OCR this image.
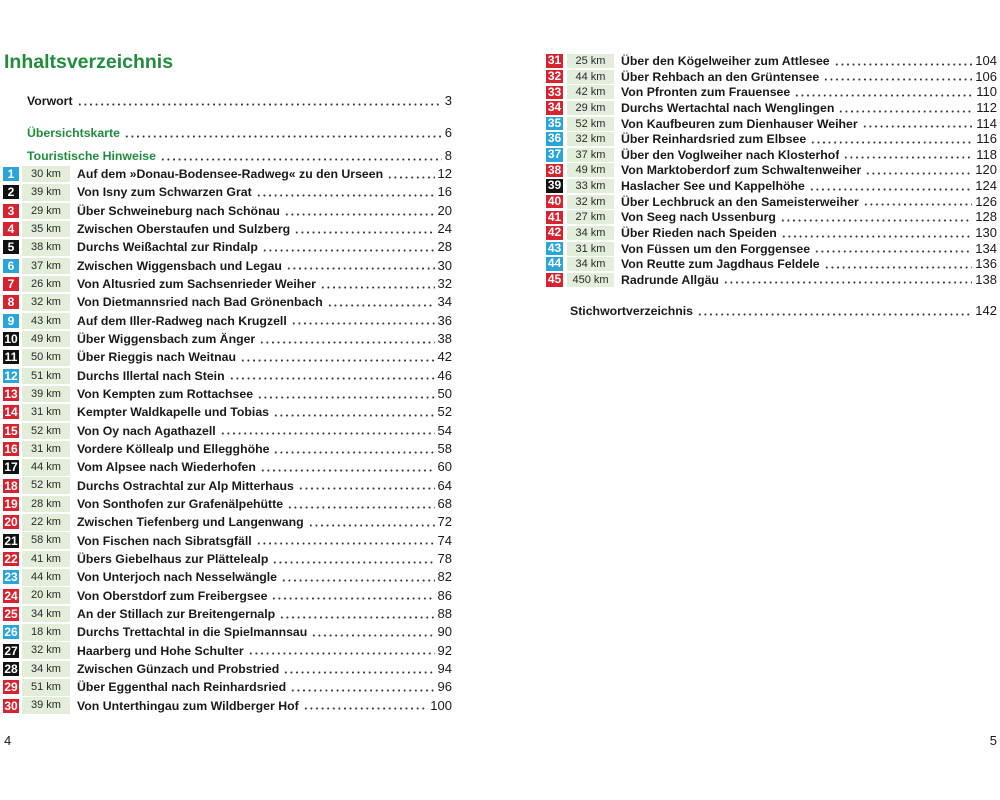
Inhaltsverzeichnis
Vorwort	3
Übersichtskarte	6
Touristische Hinweise	8
1	30 km	Auf dem »Donau-Bodensee-Radweg« zu den Urseen	12
2	39 km	Von Isny zum Schwarzen Grat	16
3	29 km	Über Schweineburg nach Schönau	20
4	35 km	Zwischen Oberstaufen und Sulzberg	24
5	38 km	Durchs Weißachtal zur Rindalp	28
6	37 km	Zwischen Wiggensbach und Legau	30
7	26 km	Von Altusried zum Sachsenrieder Weiher	32
8	32 km	Von Dietmannsried nach Bad Grönenbach	34
9	43 km	Auf dem Iller-Radweg nach Krugzell	36
10	49 km	Über Wiggensbach zum Änger	38
11	50 km	Über Rieggis nach Weitnau	42
12	51 km	Durchs Illertal nach Stein	46
13	39 km	Von Kempten zum Rottachsee	50
14	31 km	Kempter Waldkapelle und Tobias	52
15	52 km	Von Oy nach Agathazell	54
16	31 km	Vordere Köllealp und Ellegghöhe	58
17	44 km	Vom Alpsee nach Wiederhofen	60
18	52 km	Durchs Ostrachtal zur Alp Mitterhaus	64
19	28 km	Von Sonthofen zur Grafenälpehütte	68
20	22 km	Zwischen Tiefenberg und Langenwang	72
21	58 km	Von Fischen nach Sibratsgfäll	74
22	41 km	Übers Giebelhaus zur Plättelealp	78
23	44 km	Von Unterjoch nach Nesselwängle	82
24	20 km	Von Oberstdorf zum Freibergsee	86
25	34 km	An der Stillach zur Breitengernalp	88
26	18 km	Durchs Trettachtal in die Spielmannsau	90
27	32 km	Haarberg und Hohe Schulter	92
28	34 km	Zwischen Günzach und Probstried	94
29	51 km	Über Eggenthal nach Reinhardsried	96
30	39 km	Von Unterthingau zum Wildberger Hof	100
4
31	25 km	Über den Kögelweiher zum Attlesee	104
32	44 km	Über Rehbach an den Grüntensee	106
33	42 km	Von Pfronten zum Frauensee	110
34	29 km	Durchs Wertachtal nach Wenglingen	112
35	52 km	Von Kaufbeuren zum Dienhauser Weiher	114
36	32 km	Über Reinhardsried zum Elbsee	116
37	37 km	Über den Voglweiher nach Klosterhof	118
38	49 km	Von Marktoberdorf zum Schwaltenweiher	120
39	33 km	Haslacher See und Kappelhöhe	124
40	32 km	Über Lechbruck an den Sameisterweiher	126
41	27 km	Von Seeg nach Ussenburg	128
42	34 km	Über Rieden nach Speiden	130
43	31 km	Von Füssen um den Forggensee	134
44	34 km	Von Reutte zum Jagdhaus Feldele	136
45	450 km	Radrunde Allgäu	138
Stichwortverzeichnis	142
5
